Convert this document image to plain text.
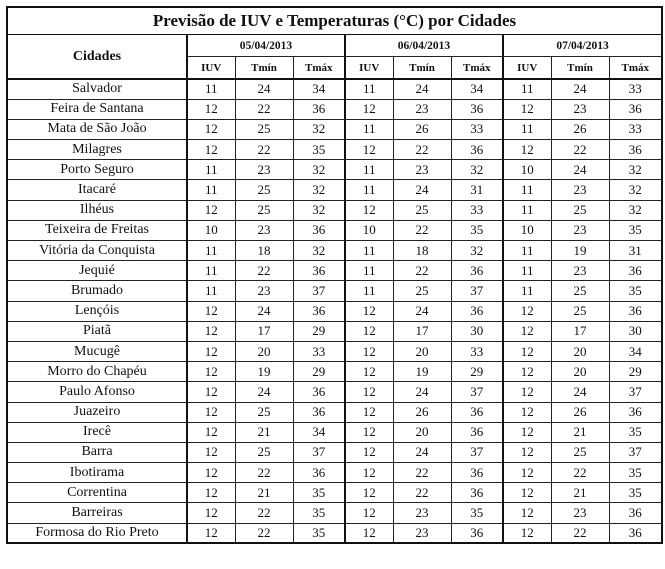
Previsão de IUV e Temperaturas (°C) por Cidades									
Cidades	05/04/2013			06/04/2013			07/04/2013		
	IUV	Tmín	Tmáx	IUV	Tmín	Tmáx	IUV	Tmín	Tmáx
Salvador	11	24	34	11	24	34	11	24	33
Feira de Santana	12	22	36	12	23	36	12	23	36
Mata de São João	12	25	32	11	26	33	11	26	33
Milagres	12	22	35	12	22	36	12	22	36
Porto Seguro	11	23	32	11	23	32	10	24	32
Itacaré	11	25	32	11	24	31	11	23	32
Ilhéus	12	25	32	12	25	33	11	25	32
Teixeira de Freitas	10	23	36	10	22	35	10	23	35
Vitória da Conquista	11	18	32	11	18	32	11	19	31
Jequié	11	22	36	11	22	36	11	23	36
Brumado	11	23	37	11	25	37	11	25	35
Lençóis	12	24	36	12	24	36	12	25	36
Piatã	12	17	29	12	17	30	12	17	30
Mucugê	12	20	33	12	20	33	12	20	34
Morro do Chapéu	12	19	29	12	19	29	12	20	29
Paulo Afonso	12	24	36	12	24	37	12	24	37
Juazeiro	12	25	36	12	26	36	12	26	36
Irecê	12	21	34	12	20	36	12	21	35
Barra	12	25	37	12	24	37	12	25	37
Ibotirama	12	22	36	12	22	36	12	22	35
Correntina	12	21	35	12	22	36	12	21	35
Barreiras	12	22	35	12	23	35	12	23	36
Formosa do Rio Preto	12	22	35	12	23	36	12	22	36
